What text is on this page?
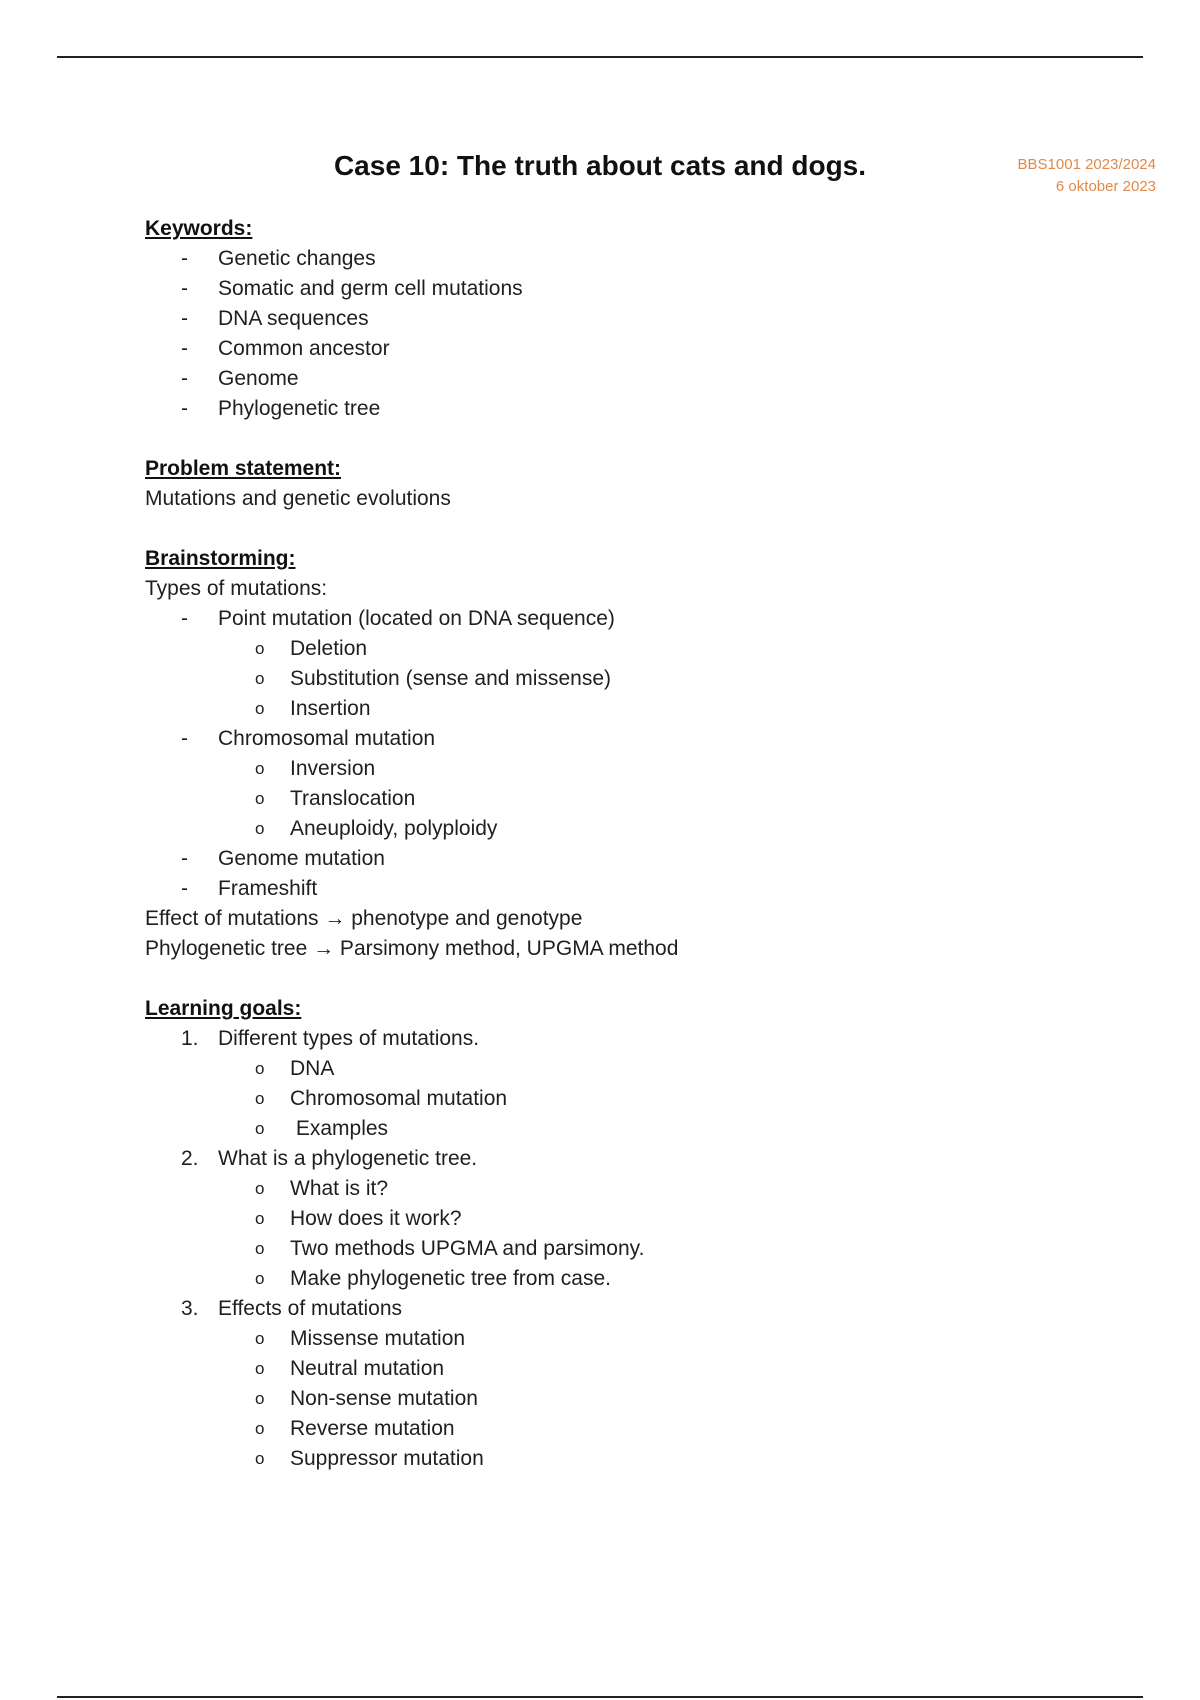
BBS1001 2023/2024
6 oktober 2023
Case 10: The truth about cats and dogs.
Keywords:
- Genetic changes
- Somatic and germ cell mutations
- DNA sequences
- Common ancestor
- Genome
- Phylogenetic tree
Problem statement:
Mutations and genetic evolutions
Brainstorming:
Types of mutations:
- Point mutation (located on DNA sequence)
o Deletion
o Substitution (sense and missense)
o Insertion
- Chromosomal mutation
o Inversion
o Translocation
o Aneuploidy, polyploidy
- Genome mutation
- Frameshift
Effect of mutations → phenotype and genotype
Phylogenetic tree → Parsimony method, UPGMA method
Learning goals:
1. Different types of mutations.
o DNA
o Chromosomal mutation
o Examples
2. What is a phylogenetic tree.
o What is it?
o How does it work?
o Two methods UPGMA and parsimony.
o Make phylogenetic tree from case.
3. Effects of mutations
o Missense mutation
o Neutral mutation
o Non-sense mutation
o Reverse mutation
o Suppressor mutation
